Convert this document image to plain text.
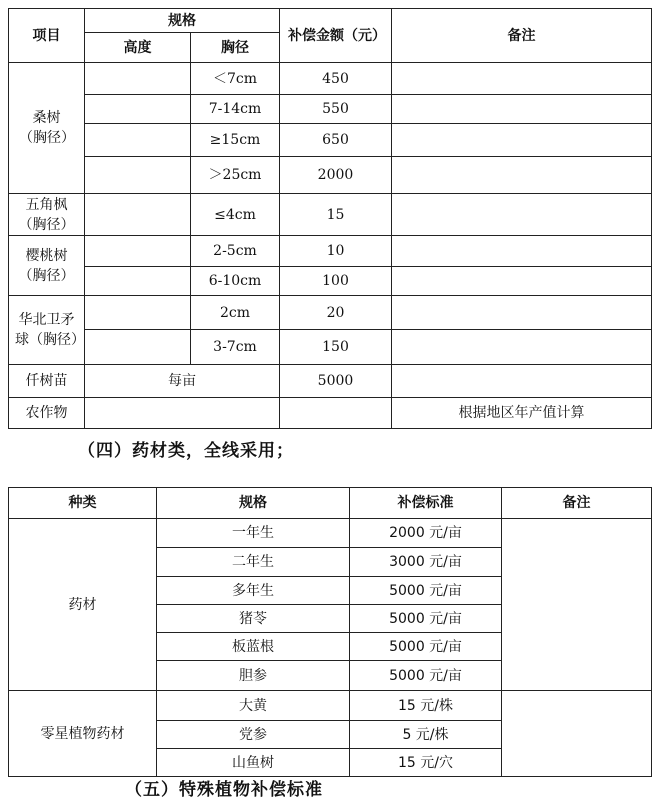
项目	规格		补偿金额（元）	备注
	高度	胸径		

桑树（胸径）		＜7cm	450	
		7-14cm	550	
		≥15cm	650	
		＞25cm	2000	

五角枫（胸径）		≤4cm	15	

樱桃树（胸径）		2-5cm	10	
		6-10cm	100	

华北卫矛球（胸径）		2cm	20	
		3-7cm	150	
仟树苗	每亩		5000	
农作物				根据地区年产值计算
（四）药材类，全线采用；
种类	规格	补偿标准	备注
药材	一年生	2000 元/亩	
	二年生	3000 元/亩	
	多年生	5000 元/亩	
	猪苓	5000 元/亩	
	板蓝根	5000 元/亩	
	胆参	5000 元/亩	
零星植物药材	大黄	15 元/株	
	党参	5 元/株	
	山鱼树	15 元/穴	
（五）特殊植物补偿标准
